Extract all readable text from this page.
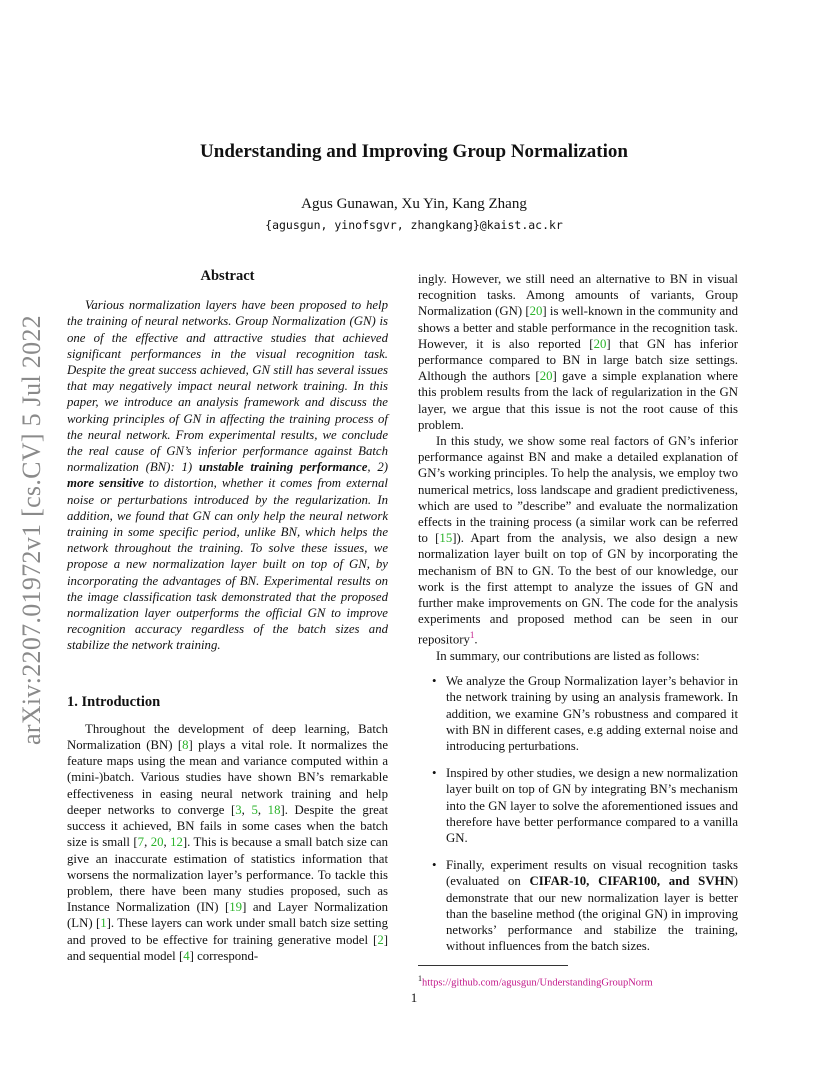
arXiv:2207.01972v1 [cs.CV] 5 Jul 2022
Understanding and Improving Group Normalization
Agus Gunawan, Xu Yin, Kang Zhang
{agusgun, yinofsgvr, zhangkang}@kaist.ac.kr
Abstract

Various normalization layers have been proposed to help the training of neural networks. Group Normalization (GN) is one of the effective and attractive studies that achieved significant performances in the visual recognition task. Despite the great success achieved, GN still has several issues that may negatively impact neural network training. In this paper, we introduce an analysis framework and discuss the working principles of GN in affecting the training process of the neural network. From experimental results, we conclude the real cause of GN’s inferior performance against Batch normalization (BN): 1) unstable training performance, 2) more sensitive to distortion, whether it comes from external noise or perturbations introduced by the regularization. In addition, we found that GN can only help the neural network training in some specific period, unlike BN, which helps the network throughout the training. To solve these issues, we propose a new normalization layer built on top of GN, by incorporating the advantages of BN. Experimental results on the image classification task demonstrated that the proposed normalization layer outperforms the official GN to improve recognition accuracy regardless of the batch sizes and stabilize the network training.

1. Introduction

Throughout the development of deep learning, Batch Normalization (BN) [8] plays a vital role. It normalizes the feature maps using the mean and variance computed within a (mini-)batch. Various studies have shown BN’s remarkable effectiveness in easing neural network training and help deeper networks to converge [3, 5, 18]. Despite the great success it achieved, BN fails in some cases when the batch size is small [7, 20, 12]. This is because a small batch size can give an inaccurate estimation of statistics information that worsens the normalization layer’s performance. To tackle this problem, there have been many studies proposed, such as Instance Normalization (IN) [19] and Layer Normalization (LN) [1]. These layers can work under small batch size setting and proved to be effective for training generative model [2] and sequential model [4] correspond-

ingly. However, we still need an alternative to BN in visual recognition tasks. Among amounts of variants, Group Normalization (GN) [20] is well-known in the community and shows a better and stable performance in the recognition task. However, it is also reported [20] that GN has inferior performance compared to BN in large batch size settings. Although the authors [20] gave a simple explanation where this problem results from the lack of regularization in the GN layer, we argue that this issue is not the root cause of this problem.

In this study, we show some real factors of GN’s inferior performance against BN and make a detailed explanation of GN’s working principles. To help the analysis, we employ two numerical metrics, loss landscape and gradient predictiveness, which are used to ”describe” and evaluate the normalization effects in the training process (a similar work can be referred to [15]). Apart from the analysis, we also design a new normalization layer built on top of GN by incorporating the mechanism of BN to GN. To the best of our knowledge, our work is the first attempt to analyze the issues of GN and further make improvements on GN. The code for the analysis experiments and proposed method can be seen in our repository$^1$.

In summary, our contributions are listed as follows:

• We analyze the Group Normalization layer’s behavior in the network training by using an analysis framework. In addition, we examine GN’s robustness and compared it with BN in different cases, e.g adding external noise and introducing perturbations.
• Inspired by other studies, we design a new normalization layer built on top of GN by integrating BN’s mechanism into the GN layer to solve the aforementioned issues and therefore have better performance compared to a vanilla GN.
• Finally, experiment results on visual recognition tasks (evaluated on CIFAR-10, CIFAR100, and SVHN) demonstrate that our new normalization layer is better than the baseline method (the original GN) in improving networks’ performance and stabilize the training, without influences from the batch sizes.
$^1$https://github.com/agusgun/UnderstandingGroupNorm
1
